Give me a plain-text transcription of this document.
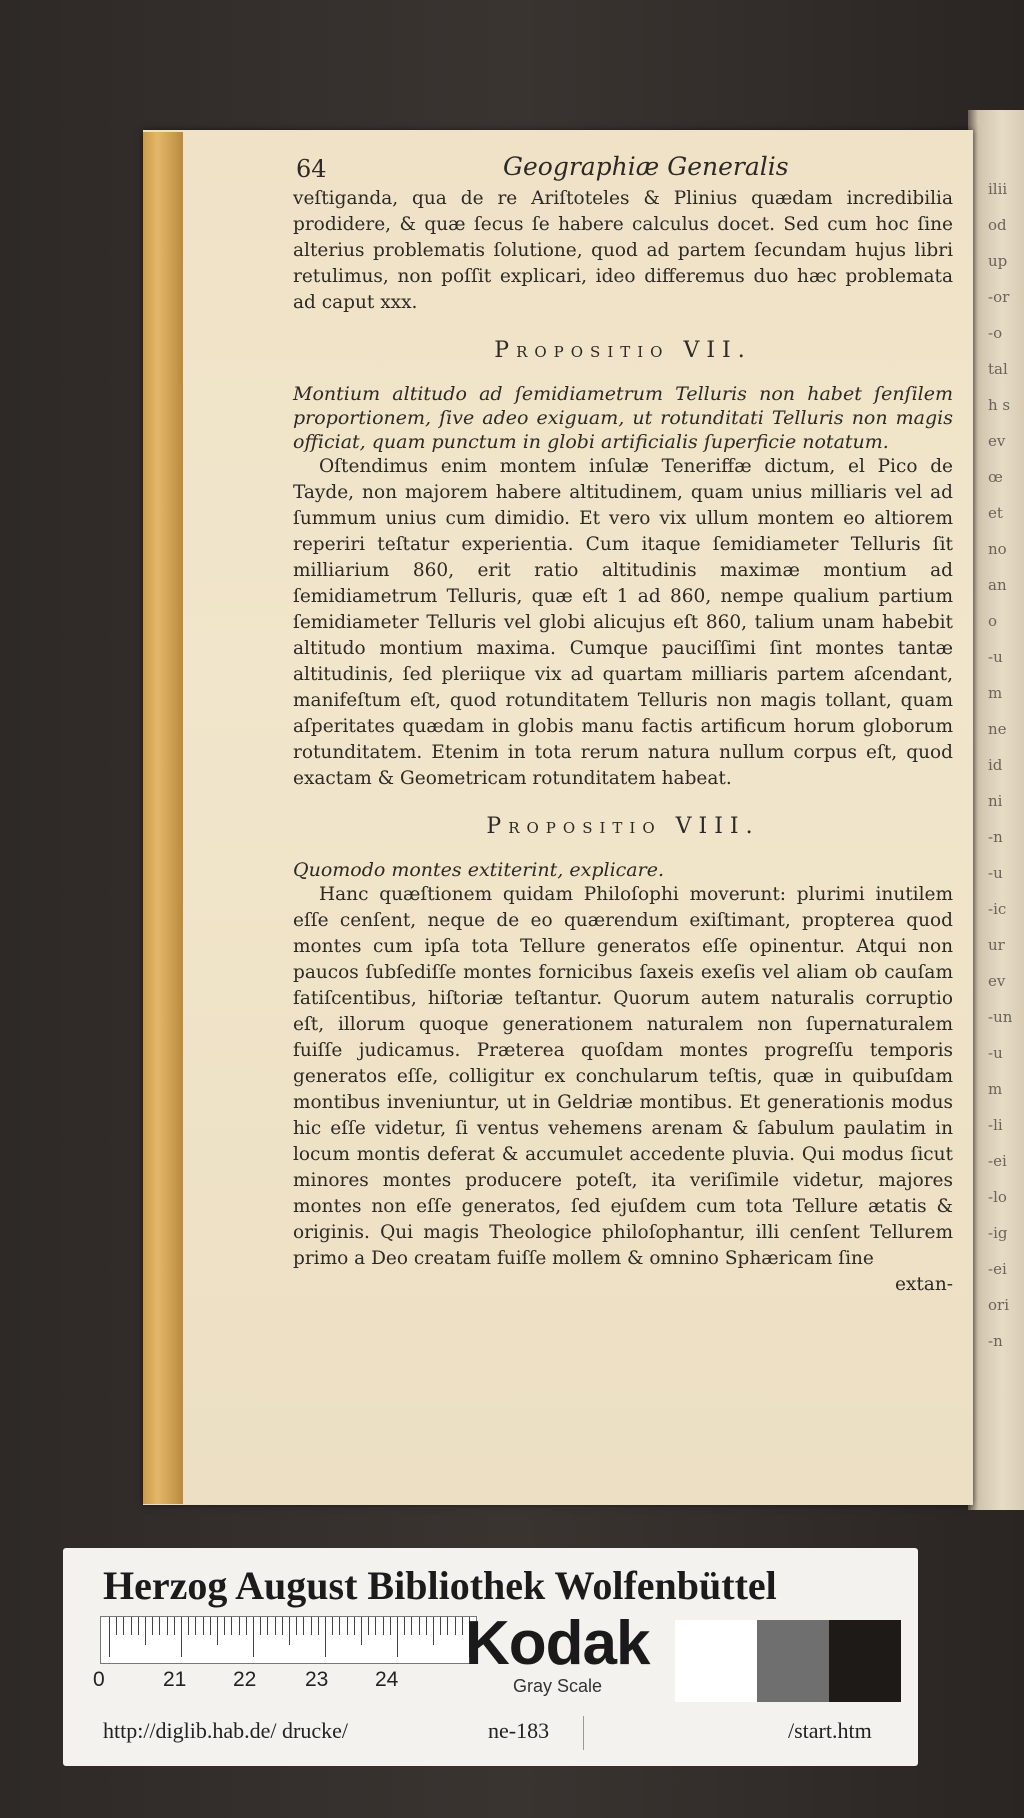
ilii
od
up
-or
-o
tal
h s
ev
œ
et
no
an
o
-u
m
ne
id
ni
-n
-u
-ic
ur
ev
-un
-u
m
-li
-ei
-lo
-ig
-ei
ori
-n
64	Geographiæ Generalis

veſtiganda, qua de re Ariſtoteles & Plinius quædam incredibilia prodidere, & quæ ſecus ſe habere calculus docet. Sed cum hoc ſine alterius problematis ſolutione, quod ad partem ſecundam hujus libri retulimus, non poſſit explicari, ideo differemus duo hæc problemata ad caput xxx.

Propositio VII.

Montium altitudo ad ſemidiametrum Telluris non habet ſenſilem proportionem, ſive adeo exiguam, ut rotunditati Telluris non magis officiat, quam punctum in globi artificialis ſuperficie notatum.

Oſtendimus enim montem inſulæ Teneriffæ dictum, el Pico de Tayde, non majorem habere altitudinem, quam unius milliaris vel ad ſummum unius cum dimidio. Et vero vix ullum montem eo altiorem reperiri teſtatur experientia. Cum itaque ſemidiameter Telluris ſit milliarium 860, erit ratio altitudinis maximæ montium ad ſemidiametrum Telluris, quæ eſt 1 ad 860, nempe qualium partium ſemidiameter Telluris vel globi alicujus eſt 860, talium unam habebit altitudo montium maxima. Cumque pauciſſimi ſint montes tantæ altitudinis, ſed pleriique vix ad quartam milliaris partem aſcendant, manifeſtum eſt, quod rotunditatem Telluris non magis tollant, quam aſperitates quædam in globis manu factis artificum horum globorum rotunditatem. Etenim in tota rerum natura nullum corpus eſt, quod exactam & Geometricam rotunditatem habeat.

Propositio VIII.

Quomodo montes extiterint, explicare.

Hanc quæſtionem quidam Philoſophi moverunt: plurimi inutilem eſſe cenſent, neque de eo quærendum exiſtimant, propterea quod montes cum ipſa tota Tellure generatos eſſe opinentur. Atqui non paucos ſubſediſſe montes fornicibus ſaxeis exeſis vel aliam ob cauſam fatiſcentibus, hiſtoriæ teſtantur. Quorum autem naturalis corruptio eſt, illorum quoque generationem naturalem non ſupernaturalem fuiſſe judicamus. Præterea quoſdam montes progreſſu temporis generatos eſſe, colligitur ex conchularum teſtis, quæ in quibuſdam montibus inveniuntur, ut in Geldriæ montibus. Et generationis modus hic eſſe videtur, ſi ventus vehemens arenam & ſabulum paulatim in locum montis deferat & accumulet accedente pluvia. Qui modus ſicut minores montes producere poteſt, ita veriſimile videtur, majores montes non eſſe generatos, ſed ejuſdem cum tota Tellure ætatis & originis. Qui magis Theologice philoſophantur, illi cenſent Tellurem primo a Deo creatam fuiſſe mollem & omnino Sphæricam ſine

extan-
Herzog August Bibliothek Wolfenbüttel
0	21 22 23 24
Kodak
Gray Scale
http://diglib.hab.de/ drucke/	ne-183	/start.htm
